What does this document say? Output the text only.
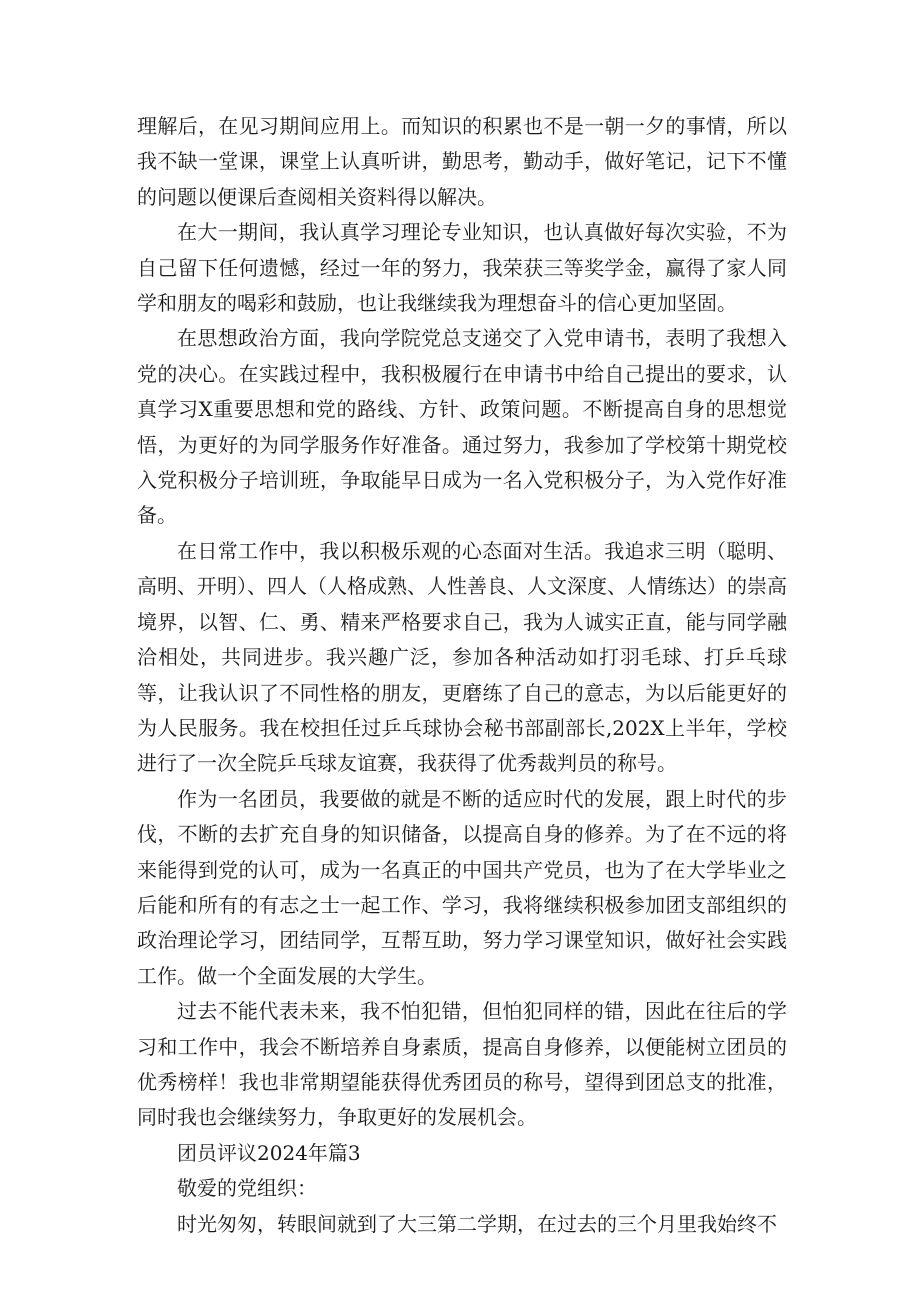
理解后，在见习期间应用上。而知识的积累也不是一朝一夕的事情，所以我不缺一堂课，课堂上认真听讲，勤思考，勤动手，做好笔记，记下不懂的问题以便课后查阅相关资料得以解决。

在大一期间，我认真学习理论专业知识，也认真做好每次实验，不为自己留下任何遗憾，经过一年的努力，我荣获三等奖学金，赢得了家人同学和朋友的喝彩和鼓励，也让我继续我为理想奋斗的信心更加坚固。

在思想政治方面，我向学院党总支递交了入党申请书，表明了我想入党的决心。在实践过程中，我积极履行在申请书中给自己提出的要求，认真学习X重要思想和党的路线、方针、政策问题。不断提高自身的思想觉悟，为更好的为同学服务作好准备。通过努力，我参加了学校第十期党校入党积极分子培训班，争取能早日成为一名入党积极分子，为入党作好准备。

在日常工作中，我以积极乐观的心态面对生活。我追求三明（聪明、高明、开明）、四人（人格成熟、人性善良、人文深度、人情练达）的崇高境界，以智、仁、勇、精来严格要求自己，我为人诚实正直，能与同学融洽相处，共同进步。我兴趣广泛，参加各种活动如打羽毛球、打乒乓球等，让我认识了不同性格的朋友，更磨练了自己的意志，为以后能更好的为人民服务。我在校担任过乒乓球协会秘书部副部长,202X上半年，学校进行了一次全院乒乓球友谊赛，我获得了优秀裁判员的称号。

作为一名团员，我要做的就是不断的适应时代的发展，跟上时代的步伐，不断的去扩充自身的知识储备，以提高自身的修养。为了在不远的将来能得到党的认可，成为一名真正的中国共产党员，也为了在大学毕业之后能和所有的有志之士一起工作、学习，我将继续积极参加团支部组织的政治理论学习，团结同学，互帮互助，努力学习课堂知识，做好社会实践工作。做一个全面发展的大学生。

过去不能代表未来，我不怕犯错，但怕犯同样的错，因此在往后的学习和工作中，我会不断培养自身素质，提高自身修养，以便能树立团员的优秀榜样！我也非常期望能获得优秀团员的称号，望得到团总支的批准，同时我也会继续努力，争取更好的发展机会。

团员评议2024年篇3

敬爱的党组织：

时光匆匆，转眼间就到了大三第二学期，在过去的三个月里我始终不
